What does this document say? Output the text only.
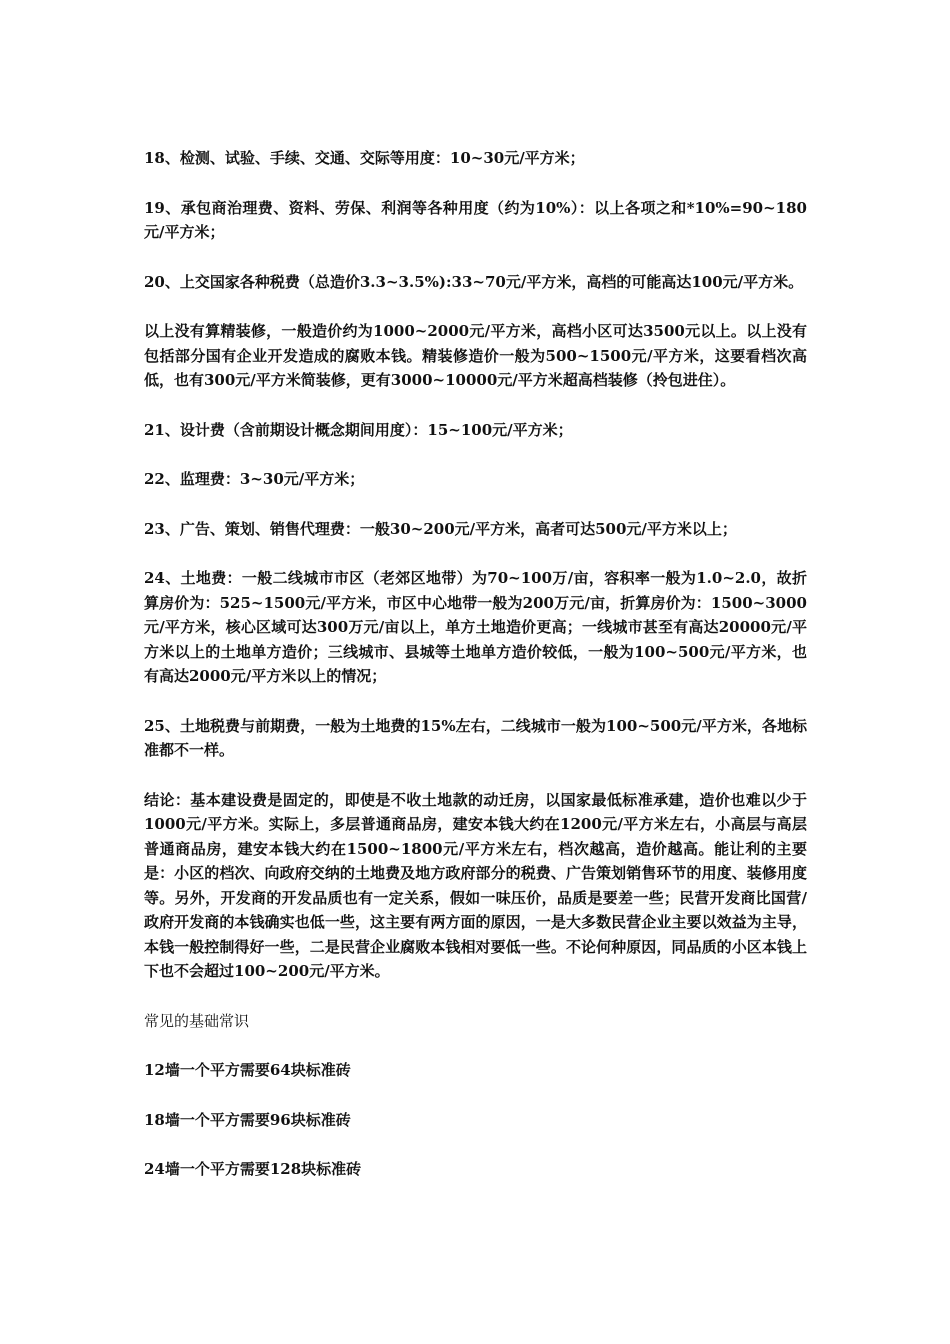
18、检测、试验、手续、交通、交际等用度：10~30元/平方米；

19、承包商治理费、资料、劳保、利润等各种用度（约为10%）：以上各项之和*10%=90~180元/平方米；

20、上交国家各种税费（总造价3.3~3.5%):33~70元/平方米，高档的可能高达100元/平方米。

以上没有算精装修，一般造价约为1000~2000元/平方米，高档小区可达3500元以上。以上没有包括部分国有企业开发造成的腐败本钱。精装修造价一般为500~1500元/平方米，这要看档次高低，也有300元/平方米简装修，更有3000~10000元/平方米超高档装修（拎包进住）。

21、设计费（含前期设计概念期间用度）：15~100元/平方米；

22、监理费：3~30元/平方米；

23、广告、策划、销售代理费：一般30~200元/平方米，高者可达500元/平方米以上；

24、土地费：一般二线城市市区（老郊区地带）为70~100万/亩，容积率一般为1.0~2.0，故折算房价为：525~1500元/平方米，市区中心地带一般为200万元/亩，折算房价为：1500~3000元/平方米，核心区域可达300万元/亩以上，单方土地造价更高；一线城市甚至有高达20000元/平方米以上的土地单方造价；三线城市、县城等土地单方造价较低，一般为100~500元/平方米，也有高达2000元/平方米以上的情况；

25、土地税费与前期费，一般为土地费的15%左右，二线城市一般为100~500元/平方米，各地标准都不一样。

结论：基本建设费是固定的，即使是不收土地款的动迁房，以国家最低标准承建，造价也难以少于1000元/平方米。实际上，多层普通商品房，建安本钱大约在1200元/平方米左右，小高层与高层普通商品房，建安本钱大约在1500~1800元/平方米左右，档次越高，造价越高。能让利的主要是：小区的档次、向政府交纳的土地费及地方政府部分的税费、广告策划销售环节的用度、装修用度等。另外，开发商的开发品质也有一定关系，假如一味压价，品质是要差一些；民营开发商比国营/政府开发商的本钱确实也低一些，这主要有两方面的原因，一是大多数民营企业主要以效益为主导，本钱一般控制得好一些，二是民营企业腐败本钱相对要低一些。不论何种原因，同品质的小区本钱上下也不会超过100~200元/平方米。

常见的基础常识

12墙一个平方需要64块标准砖

18墙一个平方需要96块标准砖

24墙一个平方需要128块标准砖
